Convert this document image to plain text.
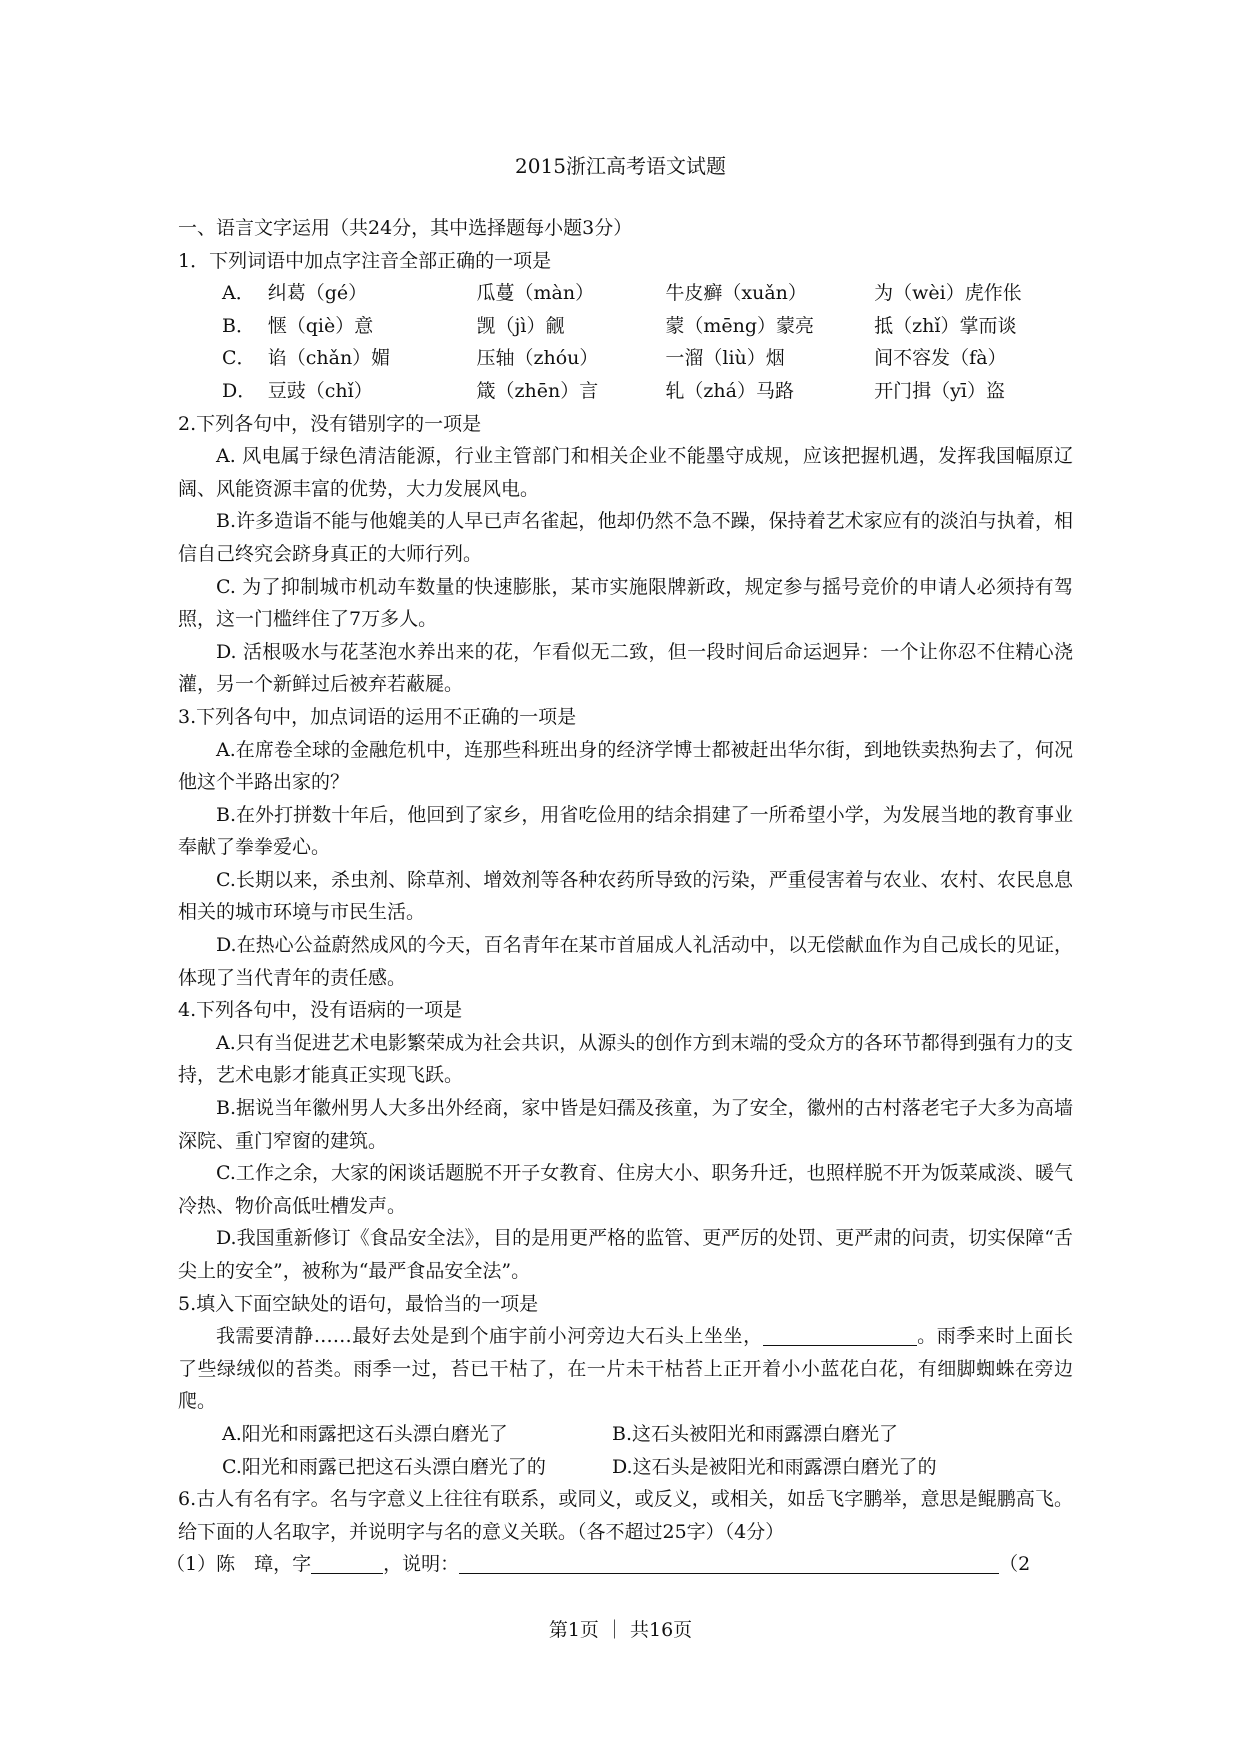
2015浙江高考语文试题
一、语言文字运用（共24分，其中选择题每小题3分）
1．下列词语中加点字注音全部正确的一项是
A． 纠葛（gé）	瓜蔓（màn）	牛皮癣（xuǎn）	为（wèi）虎作伥
B． 惬（qiè）意	觊（jì）觎	蒙（mēng）蒙亮	抵（zhǐ）掌而谈
C． 谄（chǎn）媚	压轴（zhóu）	一溜（liù）烟	间不容发（fà）
D． 豆豉（chǐ）	箴（zhēn）言	轧（zhá）马路	开门揖（yī）盗
2.下列各句中，没有错别字的一项是

A. 风电属于绿色清洁能源，行业主管部门和相关企业不能墨守成规，应该把握机遇，发挥我国幅原辽阔、风能资源丰富的优势，大力发展风电。

B.许多造诣不能与他媲美的人早已声名雀起，他却仍然不急不躁，保持着艺术家应有的淡泊与执着，相信自己终究会跻身真正的大师行列。

C. 为了抑制城市机动车数量的快速膨胀，某市实施限牌新政，规定参与摇号竞价的申请人必须持有驾照，这一门槛绊住了7万多人。

D. 活根吸水与花茎泡水养出来的花，乍看似无二致，但一段时间后命运迥异：一个让你忍不住精心浇灌，另一个新鲜过后被弃若蔽屣。

3.下列各句中，加点词语的运用不正确的一项是

A.在席卷全球的金融危机中，连那些科班出身的经济学博士都被赶出华尔街，到地铁卖热狗去了，何况他这个半路出家的？

B.在外打拼数十年后，他回到了家乡，用省吃俭用的结余捐建了一所希望小学，为发展当地的教育事业奉献了拳拳爱心。

C.长期以来，杀虫剂、除草剂、增效剂等各种农药所导致的污染，严重侵害着与农业、农村、农民息息相关的城市环境与市民生活。

D.在热心公益蔚然成风的今天，百名青年在某市首届成人礼活动中，以无偿献血作为自己成长的见证，体现了当代青年的责任感。

4.下列各句中，没有语病的一项是

A.只有当促进艺术电影繁荣成为社会共识，从源头的创作方到末端的受众方的各环节都得到强有力的支持，艺术电影才能真正实现飞跃。

B.据说当年徽州男人大多出外经商，家中皆是妇孺及孩童，为了安全，徽州的古村落老宅子大多为高墙深院、重门窄窗的建筑。

C.工作之余，大家的闲谈话题脱不开子女教育、住房大小、职务升迁，也照样脱不开为饭菜咸淡、暖气冷热、物价高低吐槽发声。

D.我国重新修订《食品安全法》，目的是用更严格的监管、更严厉的处罚、更严肃的问责，切实保障“舌尖上的安全”，被称为“最严食品安全法”。

5.填入下面空缺处的语句，最恰当的一项是

我需要清静……最好去处是到个庙宇前小河旁边大石头上坐坐，	。雨季来时上面长了些绿绒似的苔类。雨季一过，苔已干枯了，在一片未干枯苔上正开着小小蓝花白花，有细脚蜘蛛在旁边爬。

A.阳光和雨露把这石头漂白磨光了	B.这石头被阳光和雨露漂白磨光了
C.阳光和雨露已把这石头漂白磨光了的	D.这石头是被阳光和雨露漂白磨光了的

6.古人有名有字。名与字意义上往往有联系，或同义，或反义，或相关，如岳飞字鹏举，意思是鲲鹏高飞。给下面的人名取字，并说明字与名的意义关联。（各不超过25字）（4分）

（1）陈　璋，字	，说明：	（2
第1页 ｜ 共16页
